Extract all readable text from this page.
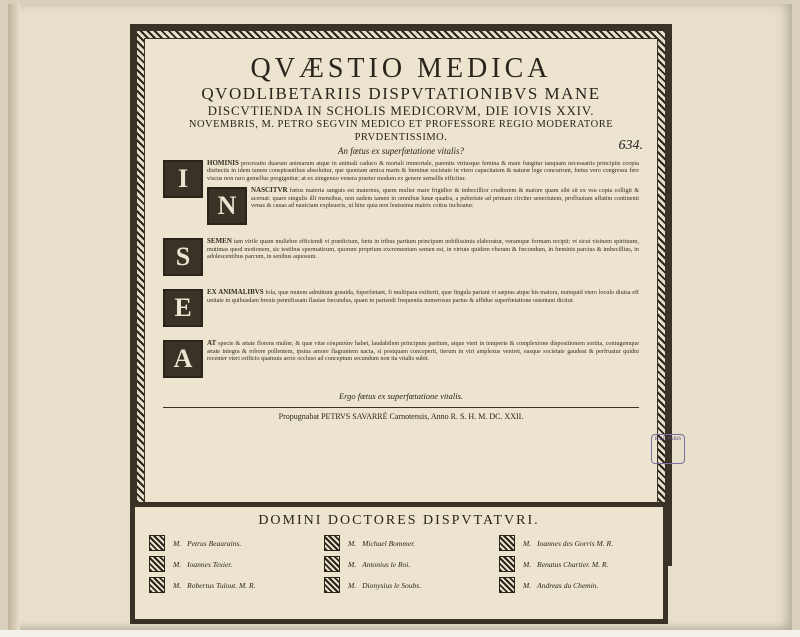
QVÆSTIO MEDICA
QVODLIBETARIIS DISPVTATIONIBVS MANE
DISCVTIENDA IN SCHOLIS MEDICORVM, DIE IOVIS XXIV.
NOVEMBRIS, M. PETRO SEGVIN MEDICO ET PROFESSORE REGIO MODERATORE PRVDENTISSIMO.
An fœtus ex superfœtatione vitalis?	634.
I
HOMINIS procreatio duarum animarum atque in animali caduco & mortali immortale, parentis vtriusque femina & mare fungitur tanquam necessariis principiis coopta distinctis in idem tamen conspirantibus absoluitur, que quoniam amica maris & fœminæ societate in vtero capacitatem & naturæ lege concurrunt, fœtus vero congressu fere viscus non raro gemellus progignitur; at ex simgenuo venera praeter modum ex genere semellis efficitur.
N
NASCITVR fœtus materia sanguis est maternus, quem mulier mare frigidior & imbecillior crudiorem & maiore quam sibi sit ex vsu copia colligit & aceruat: quare singulis illi mensibus, non eadem tamen in omnibus lunæ quadra, a pubertate ad primam circiter senectutem, profluuium affatim continenti venas & cauas ad nauiciam expleueris, ut hinc quia non leuissima matrix coitus inchoatur.
S
SEMEN tam virile quam muliebre efficiendi vi prædictum, fœtu in tribus partium principum nobilissimis elaboratur, veramque formam recipit: vt sicut visinem spirituum, mutimas quod motionem, sic testibus spermaticum, quorum proprium excrementum semen est, in virtute quidem vberam & fœcundum, in fœminis parcius & imbecillius, in adolescentibus parcum, in senibus aquosum.
E
EX ANIMALIBVS fola, quæ mutem admittunt grauida, fuperfœtant, fi multipara extiterit, quæ fingula pariant vt sæpius atque his maiora, numquid vtero loculo diuisa eff unitate in quibusdam breuis pennifissam flauiae fœcundus, quam in pariendi frequentia numerosus partus & affidue superfœtatione ostentant dicitur.
A
AT specie & ætate florens mulier, & quæ vitæ εὐκρασίαν habet, laudabilem principum partium, atque vteri in temperie & complexione dispositionem sortita, coniugemque ætate integra & robore pollentem, ipsius amore flagrantem nacta, si postquam conceperit, iterum in viri amplexus veniret, easque societate gaudeat & perfruatur quidni recenter vteri orificio quamuis arcte occluso ad conceptum secundum non ita vitalis subit.
Ergo fœtus ex superfœtatione vitalis.
Propugnabat PETRVS SAVARRÉ Carnotensis, Anno R. S. H. M. DC. XXII.
R.F.P. PARIS
DOMINI DOCTORES DISPVTATVRI.
M. Petrus Beaurains.
M. Ioannes Texier.
M. Robertus Tulout. M. R.
M. Michael Bommer.
M. Antonius le Roi.
M. Dionysius le Soubs.
M. Ioannes des Gorris M. R.
M. Renatus Chartier. M. R.
M. Andreas du Chemin.
